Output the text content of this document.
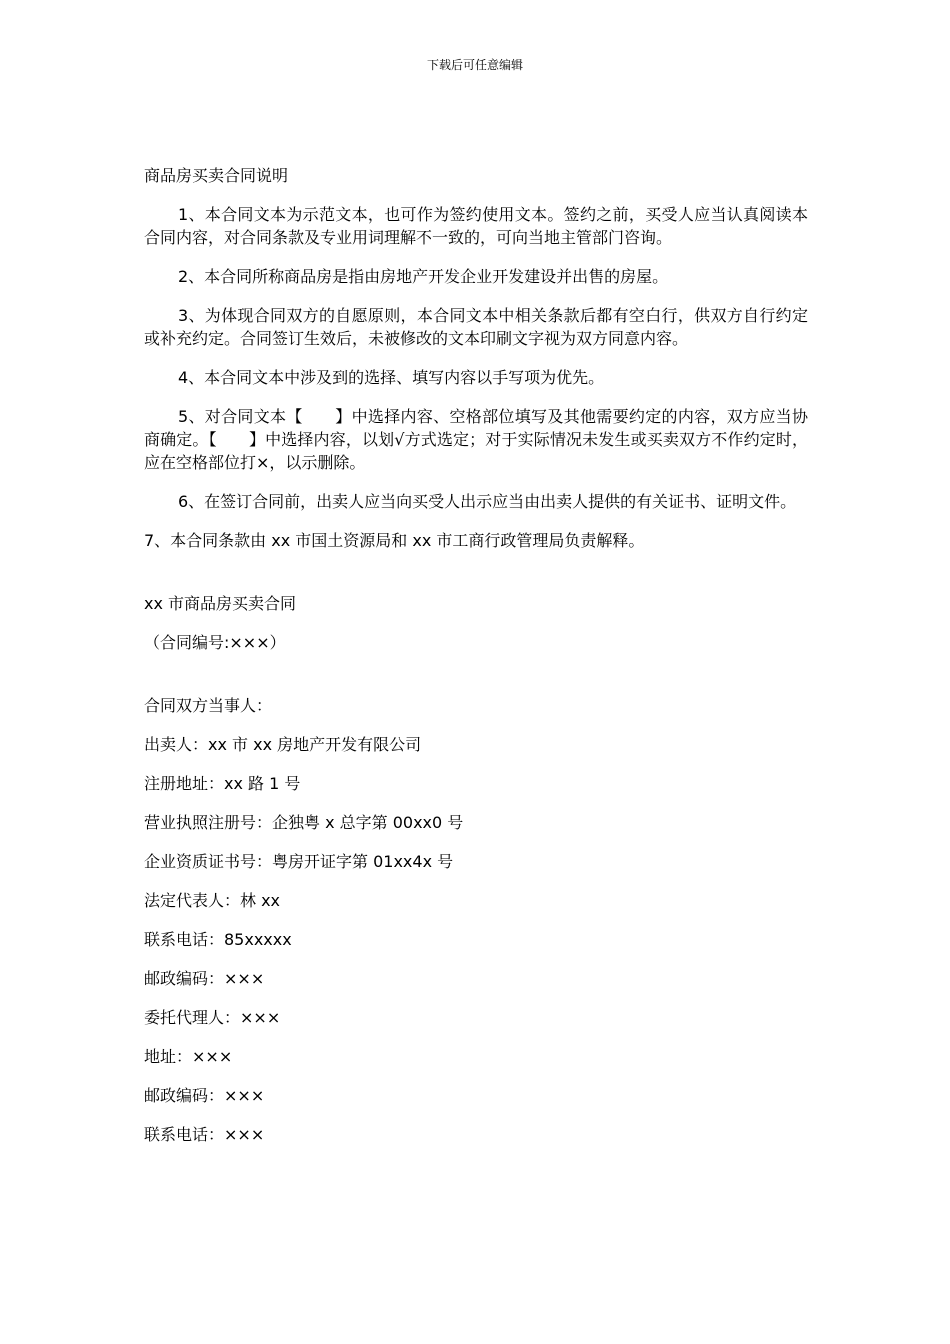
下载后可任意编辑

商品房买卖合同说明

1、本合同文本为示范文本，也可作为签约使用文本。签约之前，买受人应当认真阅读本合同内容，对合同条款及专业用词理解不一致的，可向当地主管部门咨询。

2、本合同所称商品房是指由房地产开发企业开发建设并出售的房屋。

3、为体现合同双方的自愿原则，本合同文本中相关条款后都有空白行，供双方自行约定或补充约定。合同签订生效后，未被修改的文本印刷文字视为双方同意内容。

4、本合同文本中涉及到的选择、填写内容以手写项为优先。

5、对合同文本【　　】中选择内容、空格部位填写及其他需要约定的内容，双方应当协商确定。【　　】中选择内容，以划√方式选定；对于实际情况未发生或买卖双方不作约定时，应在空格部位打×，以示删除。

6、在签订合同前，出卖人应当向买受人出示应当由出卖人提供的有关证书、证明文件。

7、本合同条款由 xx 市国土资源局和 xx 市工商行政管理局负责解释。

xx 市商品房买卖合同

（合同编号:×××）

合同双方当事人：

出卖人：xx 市 xx 房地产开发有限公司

注册地址：xx 路 1 号

营业执照注册号：企独粤 x 总字第 00xx0 号

企业资质证书号：粤房开证字第 01xx4x 号

法定代表人：林 xx

联系电话：85xxxxx

邮政编码：×××

委托代理人：×××

地址：×××

邮政编码：×××

联系电话：×××
